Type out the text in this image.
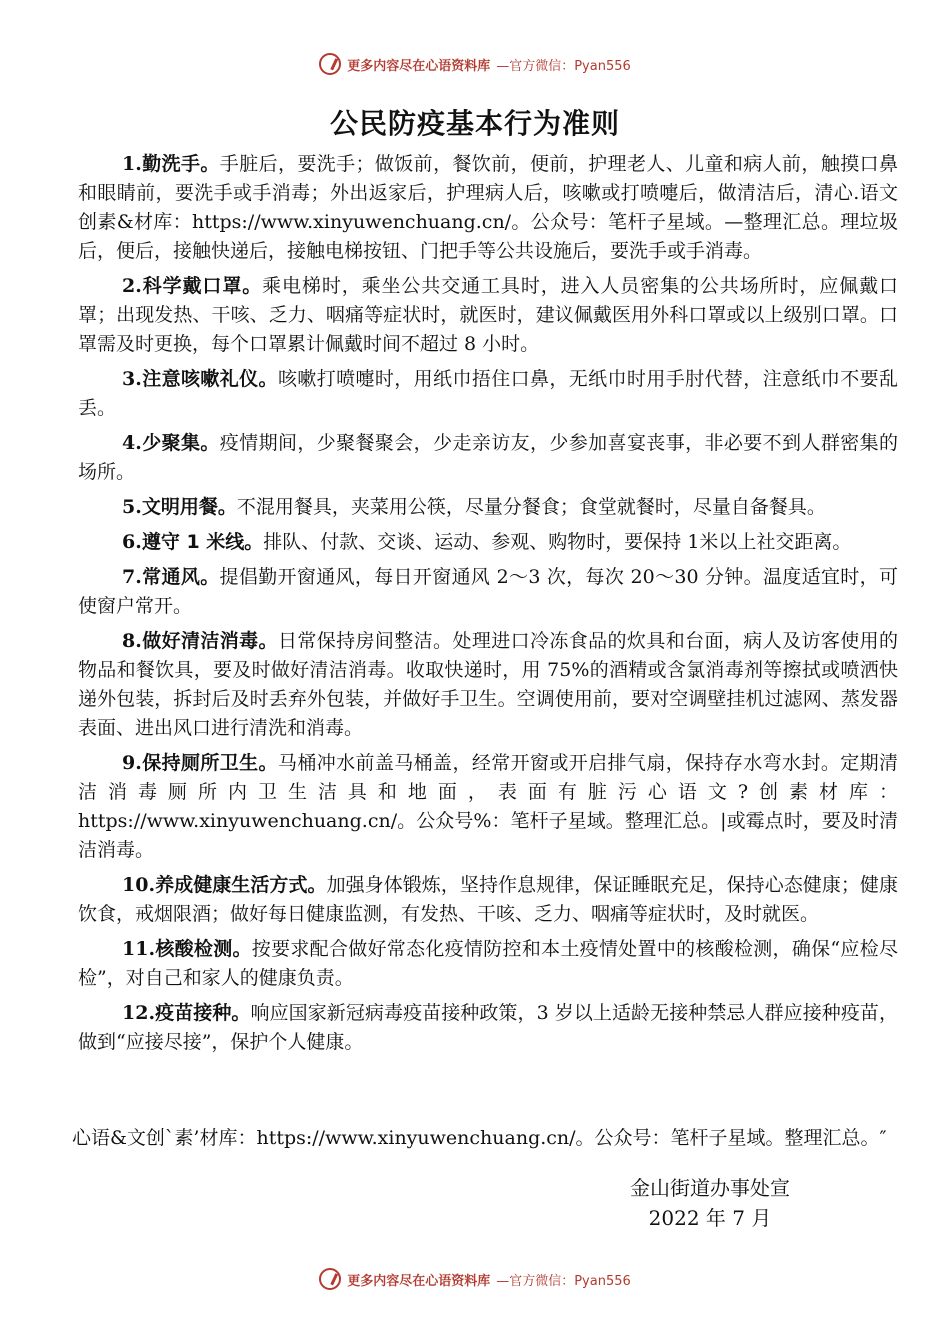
更多内容尽在心语资料库 —官方微信：Pyan556
公民防疫基本行为准则

1.勤洗手。手脏后，要洗手；做饭前，餐饮前，便前，护理老人、儿童和病人前，触摸口鼻和眼睛前，要洗手或手消毒；外出返家后，护理病人后，咳嗽或打喷嚏后，做清洁后，清心.语文创素&材库：https://www.xinyuwenchuang.cn/。公众号：笔杆子星域。—整理汇总。理垃圾后，便后，接触快递后，接触电梯按钮、门把手等公共设施后，要洗手或手消毒。

2.科学戴口罩。乘电梯时，乘坐公共交通工具时，进入人员密集的公共场所时，应佩戴口罩；出现发热、干咳、乏力、咽痛等症状时，就医时，建议佩戴医用外科口罩或以上级别口罩。口罩需及时更换，每个口罩累计佩戴时间不超过 8 小时。

3.注意咳嗽礼仪。咳嗽打喷嚏时，用纸巾捂住口鼻，无纸巾时用手肘代替，注意纸巾不要乱丢。

4.少聚集。疫情期间，少聚餐聚会，少走亲访友，少参加喜宴丧事，非必要不到人群密集的场所。

5.文明用餐。不混用餐具，夹菜用公筷，尽量分餐食；食堂就餐时，尽量自备餐具。

6.遵守 1 米线。排队、付款、交谈、运动、参观、购物时，要保持 1米以上社交距离。

7.常通风。提倡勤开窗通风，每日开窗通风 2～3 次，每次 20～30 分钟。温度适宜时，可使窗户常开。

8.做好清洁消毒。日常保持房间整洁。处理进口冷冻食品的炊具和台面，病人及访客使用的物品和餐饮具，要及时做好清洁消毒。收取快递时，用 75%的酒精或含氯消毒剂等擦拭或喷洒快递外包装，拆封后及时丢弃外包装，并做好手卫生。空调使用前，要对空调壁挂机过滤网、蒸发器表面、进出风口进行清洗和消毒。

9.保持厕所卫生。马桶冲水前盖马桶盖，经常开窗或开启排气扇，保持存水弯水封。定期清洁消毒厕所内卫生洁具和地面，表面有脏污心语文?创素材库：https://www.xinyuwenchuang.cn/。公众号%：笔杆子星域。整理汇总。|或霉点时，要及时清洁消毒。

10.养成健康生活方式。加强身体锻炼，坚持作息规律，保证睡眠充足，保持心态健康；健康饮食，戒烟限酒；做好每日健康监测，有发热、干咳、乏力、咽痛等症状时，及时就医。

11.核酸检测。按要求配合做好常态化疫情防控和本土疫情处置中的核酸检测，确保“应检尽检”，对自己和家人的健康负责。

12.疫苗接种。响应国家新冠病毒疫苗接种政策，3 岁以上适龄无接种禁忌人群应接种疫苗，做到“应接尽接”，保护个人健康。

心语&文创`素’材库：https://www.xinyuwenchuang.cn/。公众号：笔杆子星域。整理汇总。″
金山街道办事处宣
2022 年 7 月
更多内容尽在心语资料库 —官方微信：Pyan556
